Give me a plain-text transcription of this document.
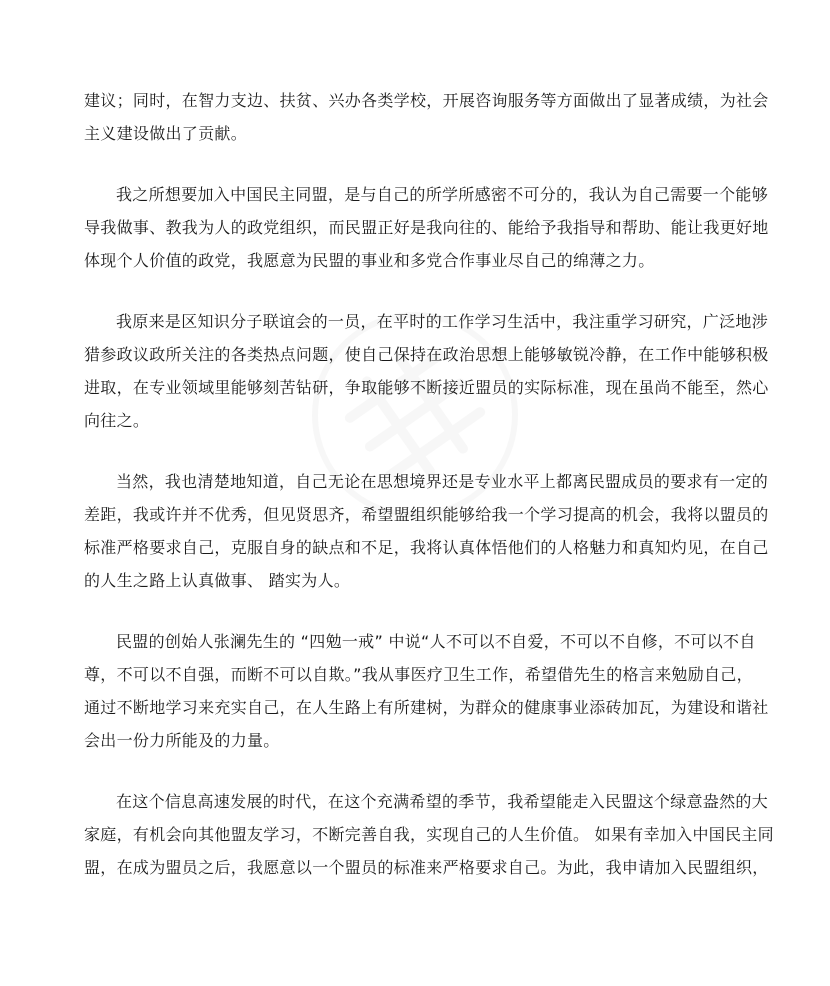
建议；同时，在智力支边、扶贫、兴办各类学校，开展咨询服务等方面做出了显著成绩，为社会
主义建设做出了贡献。

我之所想要加入中国民主同盟，是与自己的所学所感密不可分的，我认为自己需要一个能够
导我做事、教我为人的政党组织，而民盟正好是我向往的、能给予我指导和帮助、能让我更好地
体现个人价值的政党，我愿意为民盟的事业和多党合作事业尽自己的绵薄之力。

我原来是区知识分子联谊会的一员，在平时的工作学习生活中，我注重学习研究，广泛地涉
猎参政议政所关注的各类热点问题，使自己保持在政治思想上能够敏锐冷静，在工作中能够积极
进取，在专业领域里能够刻苦钻研，争取能够不断接近盟员的实际标准，现在虽尚不能至，然心
向往之。

当然，我也清楚地知道，自己无论在思想境界还是专业水平上都离民盟成员的要求有一定的
差距，我或许并不优秀，但见贤思齐，希望盟组织能够给我一个学习提高的机会，我将以盟员的
标准严格要求自己，克服自身的缺点和不足，我将认真体悟他们的人格魅力和真知灼见，在自己
的人生之路上认真做事、 踏实为人。

民盟的创始人张澜先生的 “四勉一戒” 中说“人不可以不自爱，不可以不自修，不可以不自
尊，不可以不自强，而断不可以自欺。”我从事医疗卫生工作，希望借先生的格言来勉励自己，
通过不断地学习来充实自己，在人生路上有所建树，为群众的健康事业添砖加瓦，为建设和谐社
会出一份力所能及的力量。

在这个信息高速发展的时代，在这个充满希望的季节，我希望能走入民盟这个绿意盎然的大
家庭，有机会向其他盟友学习，不断完善自我，实现自己的人生价值。 如果有幸加入中国民主同
盟，在成为盟员之后，我愿意以一个盟员的标准来严格要求自己。为此，我申请加入民盟组织，
